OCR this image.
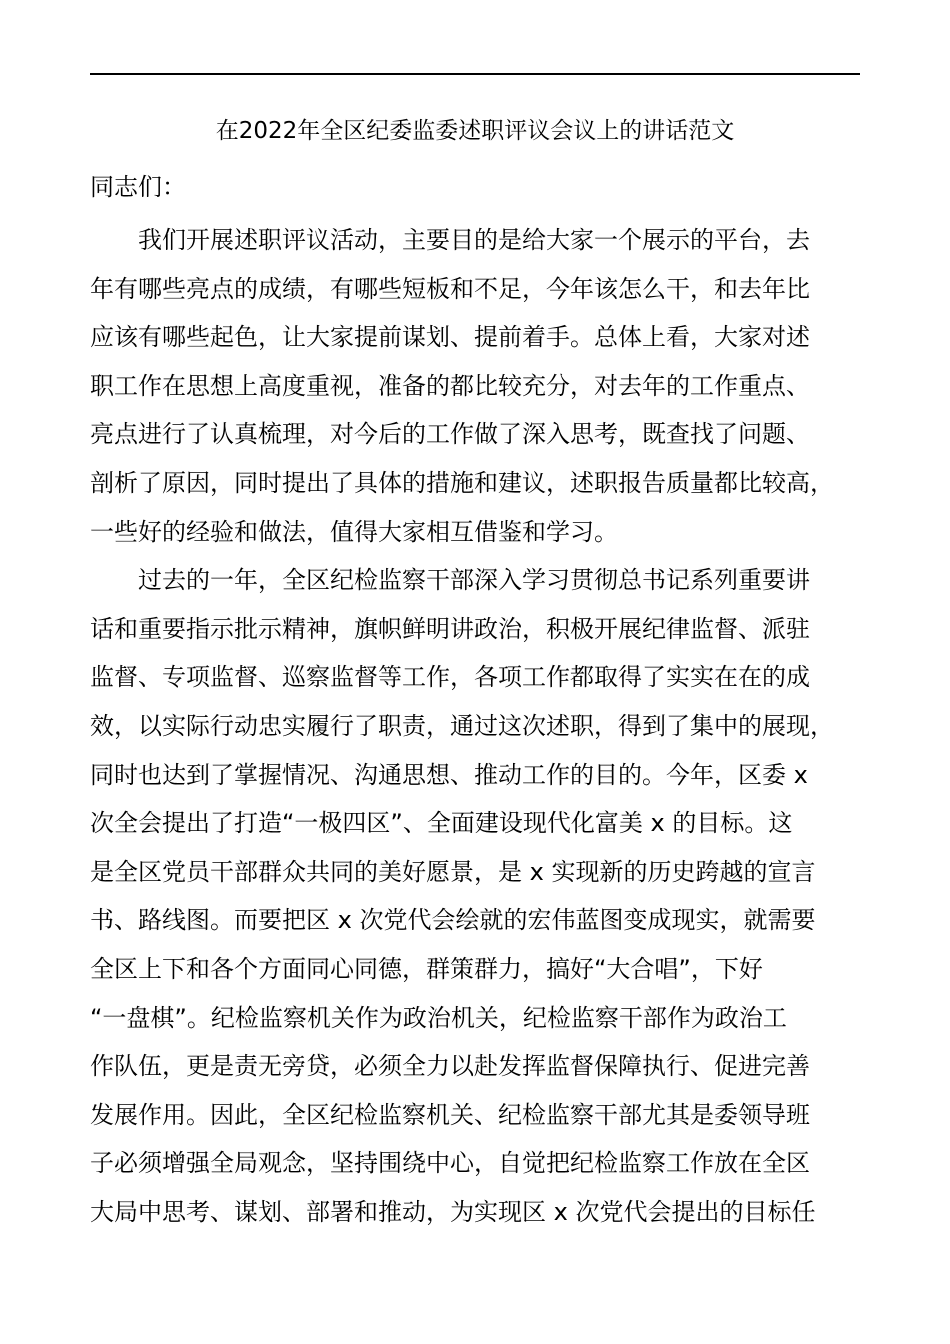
在2022年全区纪委监委述职评议会议上的讲话范文
同志们：
我们开展述职评议活动，主要目的是给大家一个展示的平台，去
年有哪些亮点的成绩，有哪些短板和不足，今年该怎么干，和去年比
应该有哪些起色，让大家提前谋划、提前着手。总体上看，大家对述
职工作在思想上高度重视，准备的都比较充分，对去年的工作重点、
亮点进行了认真梳理，对今后的工作做了深入思考，既查找了问题、
剖析了原因，同时提出了具体的措施和建议，述职报告质量都比较高，
一些好的经验和做法，值得大家相互借鉴和学习。
过去的一年，全区纪检监察干部深入学习贯彻总书记系列重要讲
话和重要指示批示精神，旗帜鲜明讲政治，积极开展纪律监督、派驻
监督、专项监督、巡察监督等工作，各项工作都取得了实实在在的成
效，以实际行动忠实履行了职责，通过这次述职，得到了集中的展现，
同时也达到了掌握情况、沟通思想、推动工作的目的。今年，区委 x
次全会提出了打造“一极四区”、全面建设现代化富美 x 的目标。这
是全区党员干部群众共同的美好愿景，是 x 实现新的历史跨越的宣言
书、路线图。而要把区 x 次党代会绘就的宏伟蓝图变成现实，就需要
全区上下和各个方面同心同德，群策群力，搞好“大合唱”，下好
“一盘棋”。纪检监察机关作为政治机关，纪检监察干部作为政治工
作队伍，更是责无旁贷，必须全力以赴发挥监督保障执行、促进完善
发展作用。因此，全区纪检监察机关、纪检监察干部尤其是委领导班
子必须增强全局观念，坚持围绕中心，自觉把纪检监察工作放在全区
大局中思考、谋划、部署和推动，为实现区 x 次党代会提出的目标任
